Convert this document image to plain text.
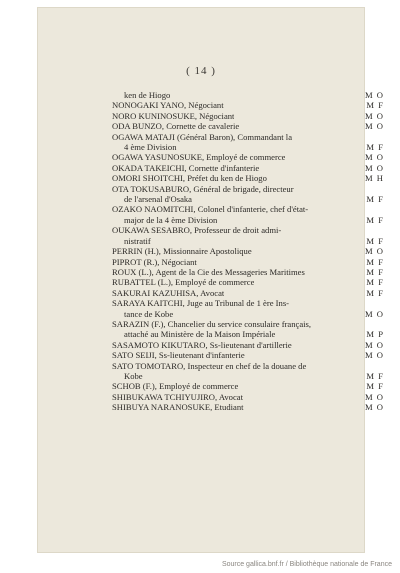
( 14 )
ken de Hiogo	M O
NONOGAKI YANO, Négociant	M F
NORO KUNINOSUKE, Négociant	M O
ODA BUNZO, Cornette de cavalerie	M O
OGAWA MATAJI (Général Baron), Commandant la
4 ème Division	M F
OGAWA YASUNOSUKE, Employé de commerce	M O
OKADA TAKEICHI, Cornette d'infanterie	M O
OMORI SHOITCHI, Préfet du ken de Hiogo	M H
OTA TOKUSABURO, Général de brigade, directeur
de l'arsenal d'Osaka	M F
OZAKO NAOMITCHI, Colonel d'infanterie, chef d'état-
major de la 4 ème Division	M F
OUKAWA SESABRO, Professeur de droit admi-
nistratif	M F
PERRIN (H.), Missionnaire Apostolique	M O
PIPROT (R.), Négociant	M F
ROUX (L.), Agent de la Cie des Messageries Maritimes	M F
RUBATTEL (L.), Employé de commerce	M F
SAKURAI KAZUHISA, Avocat	M F
SARAYA KAITCHI, Juge au Tribunal de 1 ère Ins-
tance de Kobe	M O
SARAZIN (F.), Chancelier du service consulaire français,
attaché au Ministère de la Maison Impériale	M P
SASAMOTO KIKUTARO, Ss-lieutenant d'artillerie	M O
SATO SEIJI, Ss-lieutenant d'infanterie	M O
SATO TOMOTARO, Inspecteur en chef de la douane de
Kobe	M F
SCHOB (F.), Employé de commerce	M F
SHIBUKAWA TCHIYUJIRO, Avocat	M O
SHIBUYA NARANOSUKE, Etudiant	M O
Source gallica.bnf.fr / Bibliothèque nationale de France
